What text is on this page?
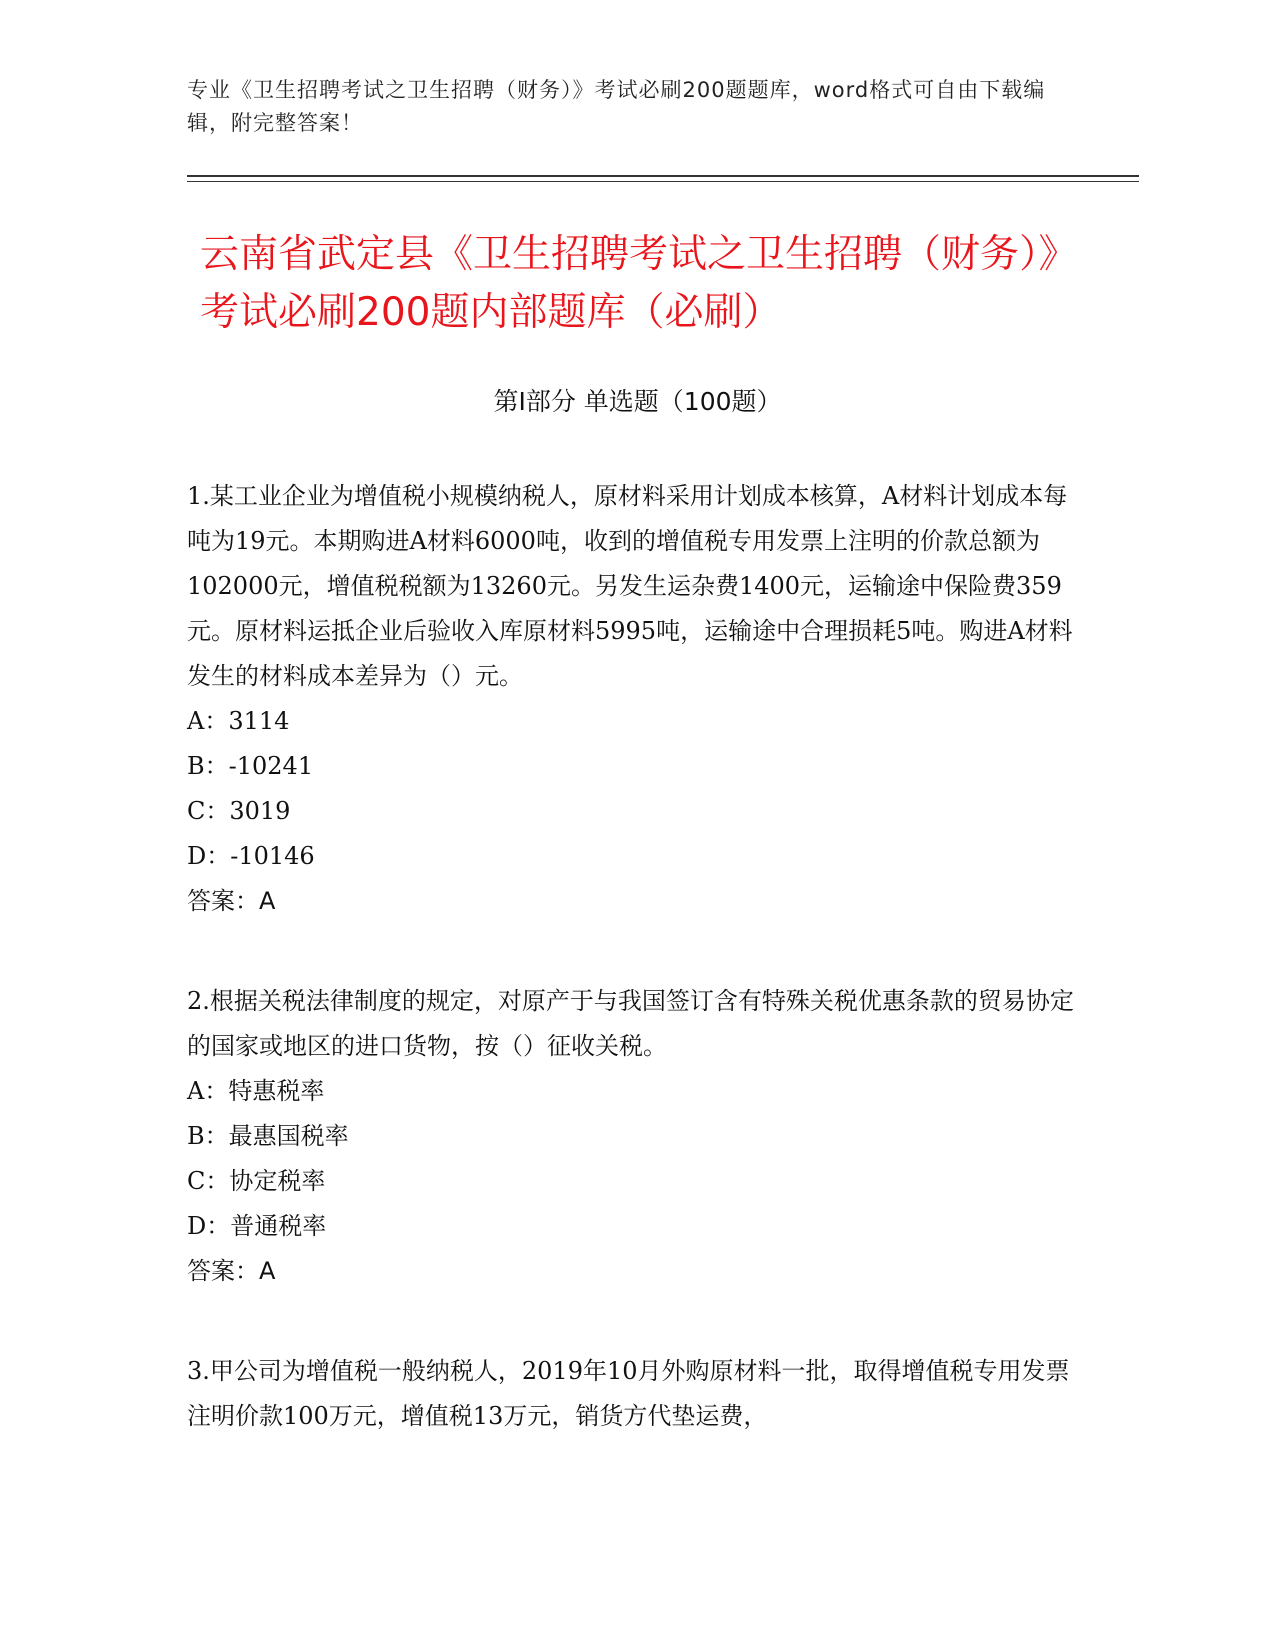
专业《卫生招聘考试之卫生招聘（财务）》考试必刷200题题库，word格式可自由下载编辑，附完整答案！
云南省武定县《卫生招聘考试之卫生招聘（财务）》考试必刷200题内部题库（必刷）
第I部分 单选题（100题）

1.某工业企业为增值税小规模纳税人，原材料采用计划成本核算，A材料计划成本每吨为19元。本期购进A材料6000吨，收到的增值税专用发票上注明的价款总额为102000元，增值税税额为13260元。另发生运杂费1400元，运输途中保险费359元。原材料运抵企业后验收入库原材料5995吨，运输途中合理损耗5吨。购进A材料发生的材料成本差异为（）元。

A：3114

B：-10241

C：3019

D：-10146

答案：A

2.根据关税法律制度的规定，对原产于与我国签订含有特殊关税优惠条款的贸易协定的国家或地区的进口货物，按（）征收关税。

A：特惠税率

B：最惠国税率

C：协定税率

D：普通税率

答案：A

3.甲公司为增值税一般纳税人，2019年10月外购原材料一批，取得增值税专用发票注明价款100万元，增值税13万元，销货方代垫运费，
